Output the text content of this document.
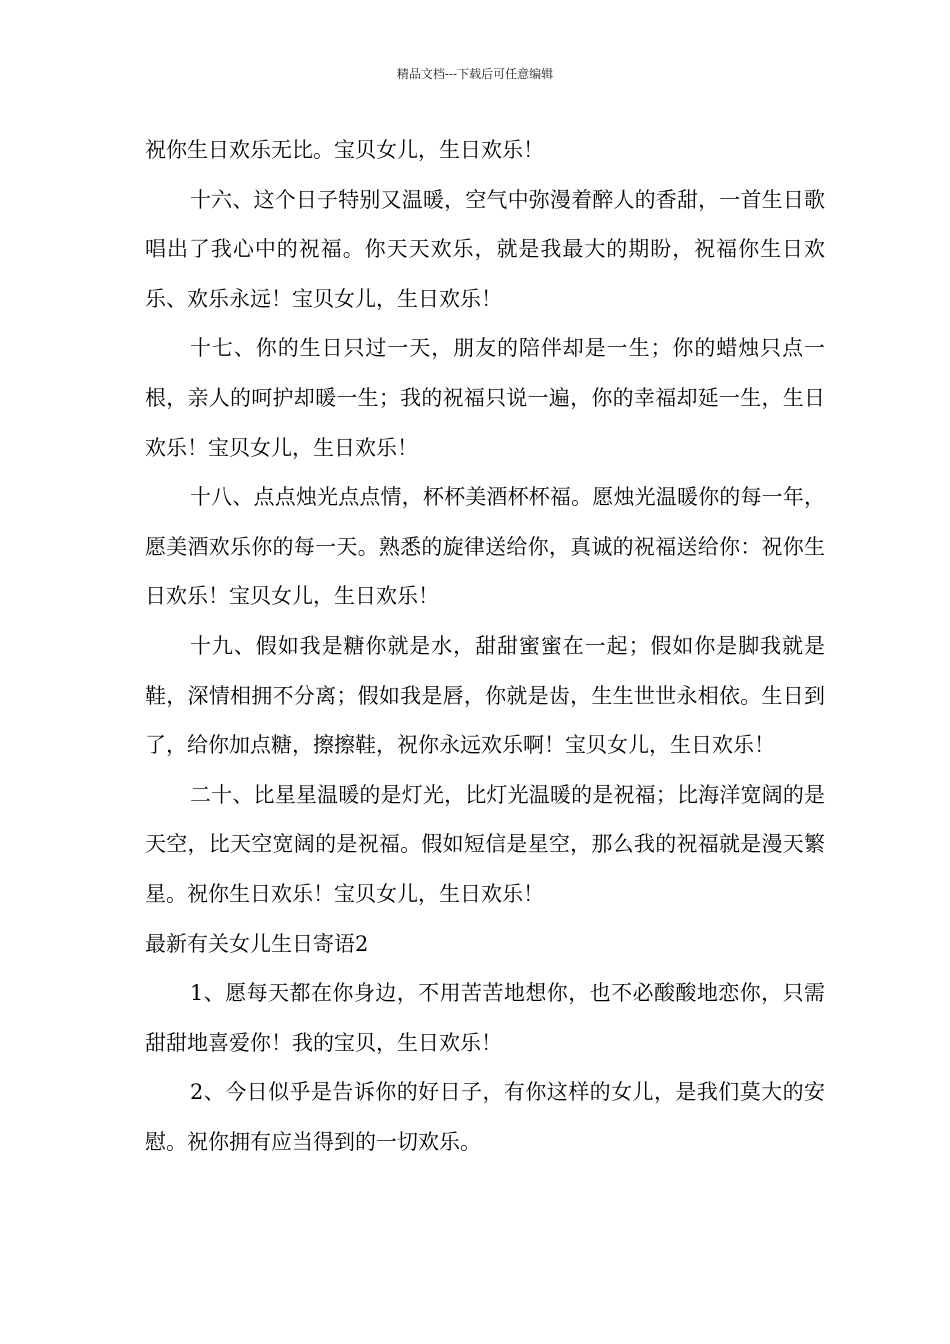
精品文档---下载后可任意编辑

祝你生日欢乐无比。宝贝女儿，生日欢乐！

十六、这个日子特别又温暖，空气中弥漫着醉人的香甜，一首生日歌唱出了我心中的祝福。你天天欢乐，就是我最大的期盼，祝福你生日欢乐、欢乐永远！宝贝女儿，生日欢乐！

十七、你的生日只过一天，朋友的陪伴却是一生；你的蜡烛只点一根，亲人的呵护却暖一生；我的祝福只说一遍，你的幸福却延一生，生日欢乐！宝贝女儿，生日欢乐！

十八、点点烛光点点情，杯杯美酒杯杯福。愿烛光温暖你的每一年，愿美酒欢乐你的每一天。熟悉的旋律送给你，真诚的祝福送给你：祝你生日欢乐！宝贝女儿，生日欢乐！

十九、假如我是糖你就是水，甜甜蜜蜜在一起；假如你是脚我就是鞋，深情相拥不分离；假如我是唇，你就是齿，生生世世永相依。生日到了，给你加点糖，擦擦鞋，祝你永远欢乐啊！宝贝女儿，生日欢乐！

二十、比星星温暖的是灯光，比灯光温暖的是祝福；比海洋宽阔的是天空，比天空宽阔的是祝福。假如短信是星空，那么我的祝福就是漫天繁星。祝你生日欢乐！宝贝女儿，生日欢乐！

最新有关女儿生日寄语2

1、愿每天都在你身边，不用苦苦地想你，也不必酸酸地恋你，只需甜甜地喜爱你！我的宝贝，生日欢乐！

2、今日似乎是告诉你的好日子，有你这样的女儿，是我们莫大的安慰。祝你拥有应当得到的一切欢乐。
